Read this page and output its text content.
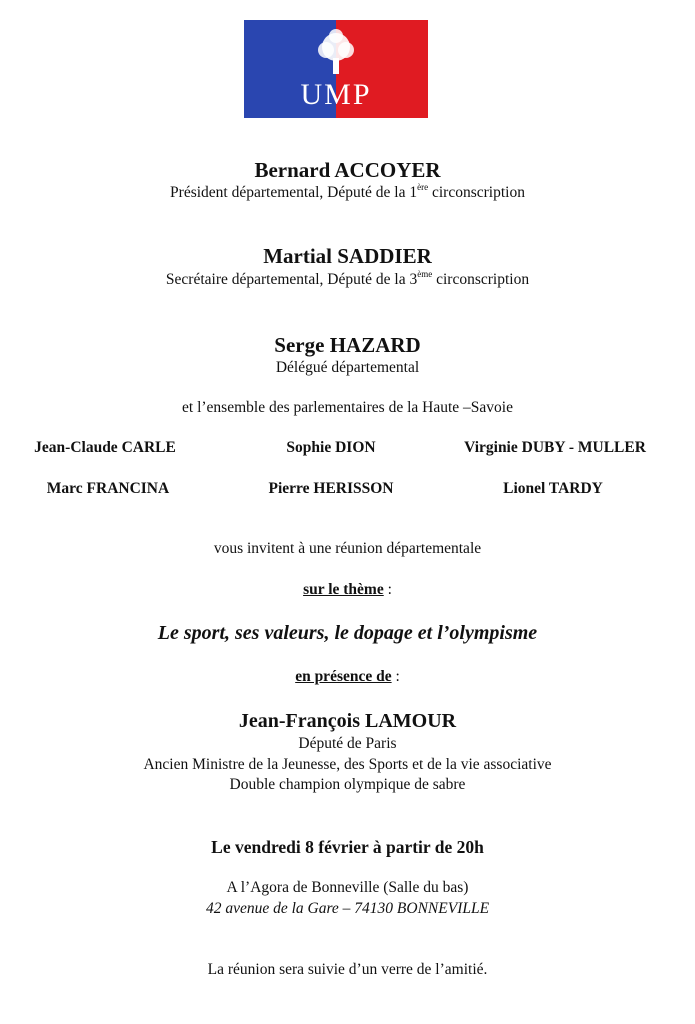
UMP
Bernard ACCOYER
Président départemental, Député de la 1ère circonscription
Martial SADDIER
Secrétaire départemental, Député de la 3ème circonscription
Serge HAZARD
Délégué départemental
et l’ensemble des parlementaires de la Haute –Savoie
Jean-Claude CARLE	Sophie DION	Virginie DUBY - MULLER
Marc FRANCINA	Pierre HERISSON	Lionel TARDY
vous invitent à une réunion départementale
sur le thème :
Le sport, ses valeurs, le dopage et l’olympisme
en présence de :
Jean-François LAMOUR
Député de Paris
Ancien Ministre de la Jeunesse, des Sports et de la vie associative
Double champion olympique de sabre
Le vendredi 8 février à partir de 20h
A l’Agora de Bonneville (Salle du bas)
42 avenue de la Gare – 74130 BONNEVILLE
La réunion sera suivie d’un verre de l’amitié.
